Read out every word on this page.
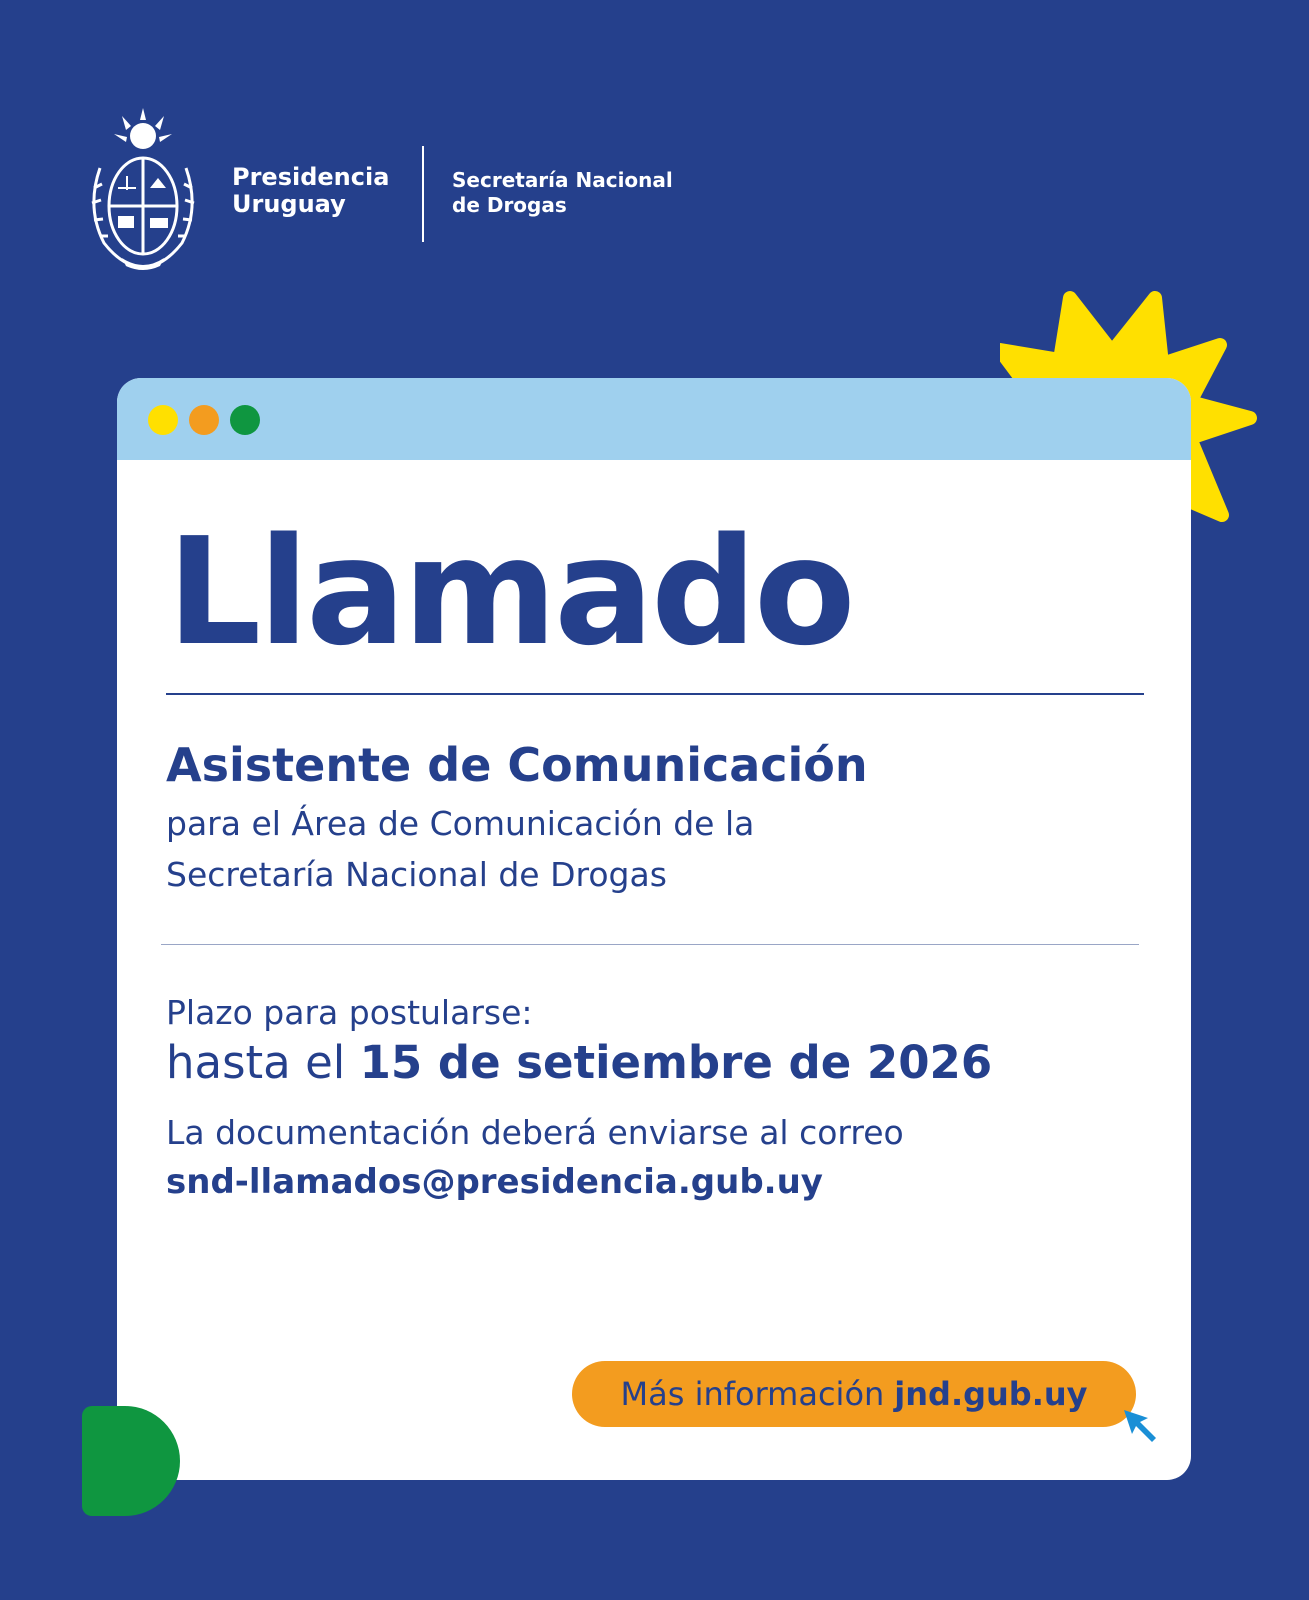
Presidencia
Uruguay
Secretaría Nacional
de Drogas
Llamado
Asistente de Comunicación
para el Área de Comunicación de la
Secretaría Nacional de Drogas
Plazo para postularse:
hasta el 15 de setiembre de 2026
La documentación deberá enviarse al correo
snd-llamados@presidencia.gub.uy
Más información jnd.gub.uy
